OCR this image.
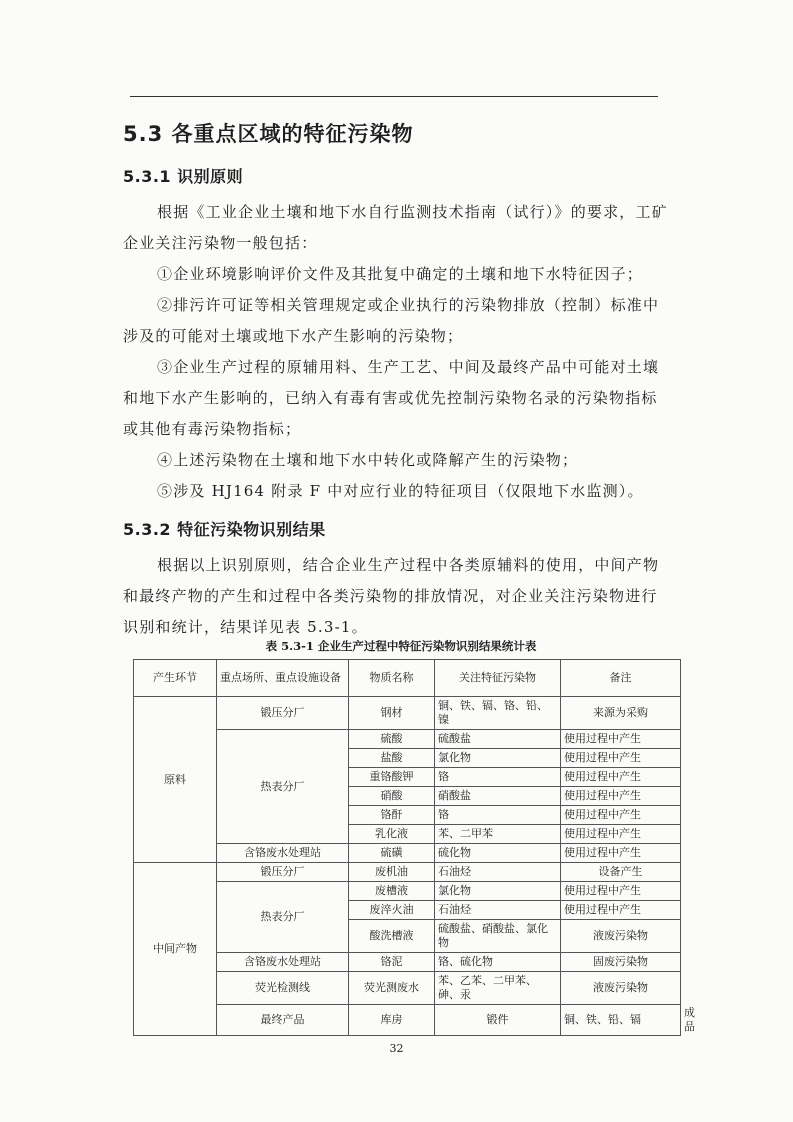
5.3 各重点区域的特征污染物
5.3.1 识别原则

根据《工业企业土壤和地下水自行监测技术指南（试行）》的要求，工矿企业关注污染物一般包括：

①企业环境影响评价文件及其批复中确定的土壤和地下水特征因子；

②排污许可证等相关管理规定或企业执行的污染物排放（控制）标准中涉及的可能对土壤或地下水产生影响的污染物；

③企业生产过程的原辅用料、生产工艺、中间及最终产品中可能对土壤和地下水产生影响的，已纳入有毒有害或优先控制污染物名录的污染物指标或其他有毒污染物指标；

④上述污染物在土壤和地下水中转化或降解产生的污染物；

⑤涉及 HJ164 附录 F 中对应行业的特征项目（仅限地下水监测）。

5.3.2 特征污染物识别结果

根据以上识别原则，结合企业生产过程中各类原辅料的使用，中间产物和最终产物的产生和过程中各类污染物的排放情况，对企业关注污染物进行识别和统计，结果详见表 5.3-1。

表 5.3-1 企业生产过程中特征污染物识别结果统计表

产生环节	重点场所、重点设施设备	物质名称	关注特征污染物	备注	
原料	锻压分厂	钢材	铜、铁、镉、铬、铅、镍	来源为采购	
	热表分厂	硫酸	硫酸盐	使用过程中产生	
		盐酸	氯化物	使用过程中产生	
		重铬酸钾	铬	使用过程中产生	
		硝酸	硝酸盐	使用过程中产生	
		铬酐	铬	使用过程中产生	
		乳化液	苯、二甲苯	使用过程中产生	
	含铬废水处理站	硫磺	硫化物	使用过程中产生	
中间产物	锻压分厂	废机油	石油烃	设备产生	
	热表分厂	废槽液	氯化物	使用过程中产生	
		废淬火油	石油烃	使用过程中产生	
		酸洗槽液	硫酸盐、硝酸盐、氯化物	液废污染物	
	含铬废水处理站	铬泥	铬、硫化物	固废污染物	
	荧光检测线	荧光测废水	苯、乙苯、二甲苯、砷、汞	液废污染物	
	最终产品	库房	锻件	铜、铁、铅、镉	成品
32
